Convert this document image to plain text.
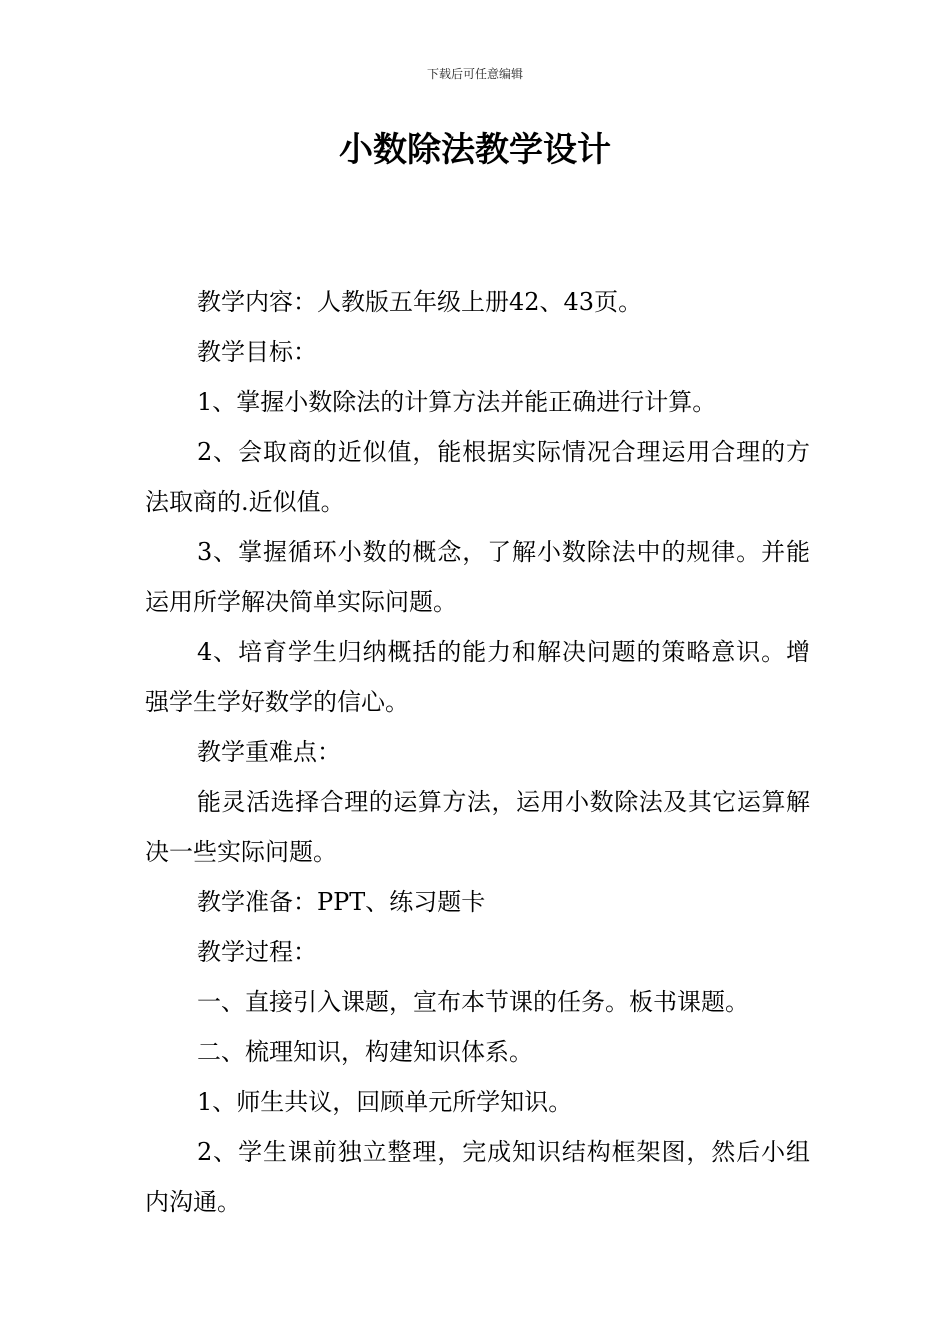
下载后可任意编辑
小数除法教学设计

教学内容：人教版五年级上册42、43页。

教学目标：

1、掌握小数除法的计算方法并能正确进行计算。

2、会取商的近似值，能根据实际情况合理运用合理的方法取商的.近似值。

3、掌握循环小数的概念，了解小数除法中的规律。并能运用所学解决简单实际问题。

4、培育学生归纳概括的能力和解决问题的策略意识。增强学生学好数学的信心。

教学重难点：

能灵活选择合理的运算方法，运用小数除法及其它运算解决一些实际问题。

教学准备：PPT、练习题卡

教学过程：

一、直接引入课题，宣布本节课的任务。板书课题。

二、梳理知识，构建知识体系。

1、师生共议，回顾单元所学知识。

2、学生课前独立整理，完成知识结构框架图，然后小组内沟通。
